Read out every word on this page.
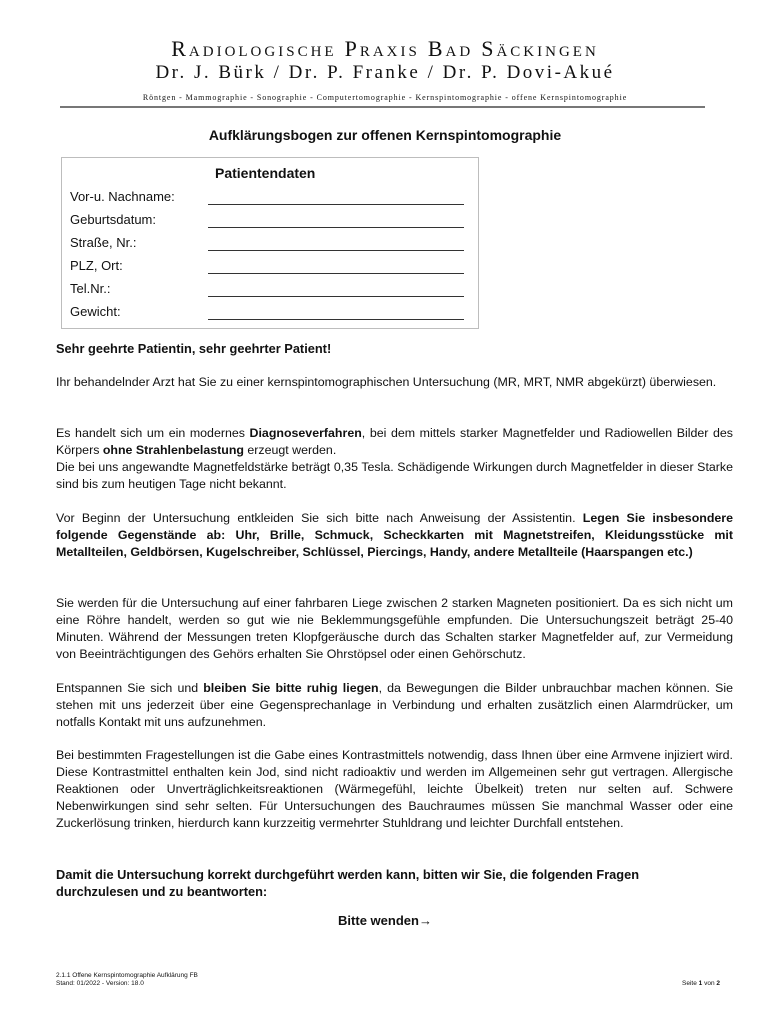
RADIOLOGISCHE PRAXIS BAD SÄCKINGEN
Dr. J. Bürk / Dr. P. Franke / Dr. P. Dovi-Akué
Röntgen - Mammographie - Sonographie - Computertomographie - Kernspintomographie - offene Kernspintomographie
Aufklärungsbogen zur offenen Kernspintomographie
Patientendaten
Vor-u. Nachname:
Geburtsdatum:
Straße, Nr.:
PLZ, Ort:
Tel.Nr.:
Gewicht:
Sehr geehrte Patientin, sehr geehrter Patient!
Ihr behandelnder Arzt hat Sie zu einer kernspintomographischen Untersuchung (MR, MRT, NMR abgekürzt) überwiesen.
Es handelt sich um ein modernes Diagnoseverfahren, bei dem mittels starker Magnetfelder und Radiowellen Bilder des Körpers ohne Strahlenbelastung erzeugt werden.
Die bei uns angewandte Magnetfeldstärke beträgt 0,35 Tesla. Schädigende Wirkungen durch Magnetfelder in dieser Starke sind bis zum heutigen Tage nicht bekannt.
Vor Beginn der Untersuchung entkleiden Sie sich bitte nach Anweisung der Assistentin. Legen Sie insbesondere folgende Gegenstände ab: Uhr, Brille, Schmuck, Scheckkarten mit Magnetstreifen, Kleidungsstücke mit Metallteilen, Geldbörsen, Kugelschreiber, Schlüssel, Piercings, Handy, andere Metallteile (Haarspangen etc.)
Sie werden für die Untersuchung auf einer fahrbaren Liege zwischen 2 starken Magneten positioniert. Da es sich nicht um eine Röhre handelt, werden so gut wie nie Beklemmungsgefühle empfunden. Die Untersuchungszeit beträgt 25-40 Minuten. Während der Messungen treten Klopfgeräusche durch das Schalten starker Magnetfelder auf, zur Vermeidung von Beeinträchtigungen des Gehörs erhalten Sie Ohrstöpsel oder einen Gehörschutz.
Entspannen Sie sich und bleiben Sie bitte ruhig liegen, da Bewegungen die Bilder unbrauchbar machen können. Sie stehen mit uns jederzeit über eine Gegensprechanlage in Verbindung und erhalten zusätzlich einen Alarmdrücker, um notfalls Kontakt mit uns aufzunehmen.
Bei bestimmten Fragestellungen ist die Gabe eines Kontrastmittels notwendig, dass Ihnen über eine Armvene injiziert wird. Diese Kontrastmittel enthalten kein Jod, sind nicht radioaktiv und werden im Allgemeinen sehr gut vertragen. Allergische Reaktionen oder Unverträglichkeitsreaktionen (Wärmegefühl, leichte Übelkeit) treten nur selten auf. Schwere Nebenwirkungen sind sehr selten. Für Untersuchungen des Bauchraumes müssen Sie manchmal Wasser oder eine Zuckerlösung trinken, hierdurch kann kurzzeitig vermehrter Stuhldrang und leichter Durchfall entstehen.
Damit die Untersuchung korrekt durchgeführt werden kann, bitten wir Sie, die folgenden Fragen durchzulesen und zu beantworten:
Bitte wenden→
2.1.1 Offene Kernspintomographie Aufklärung FB
Stand: 01/2022 - Version: 18.0	Seite 1 von 2
